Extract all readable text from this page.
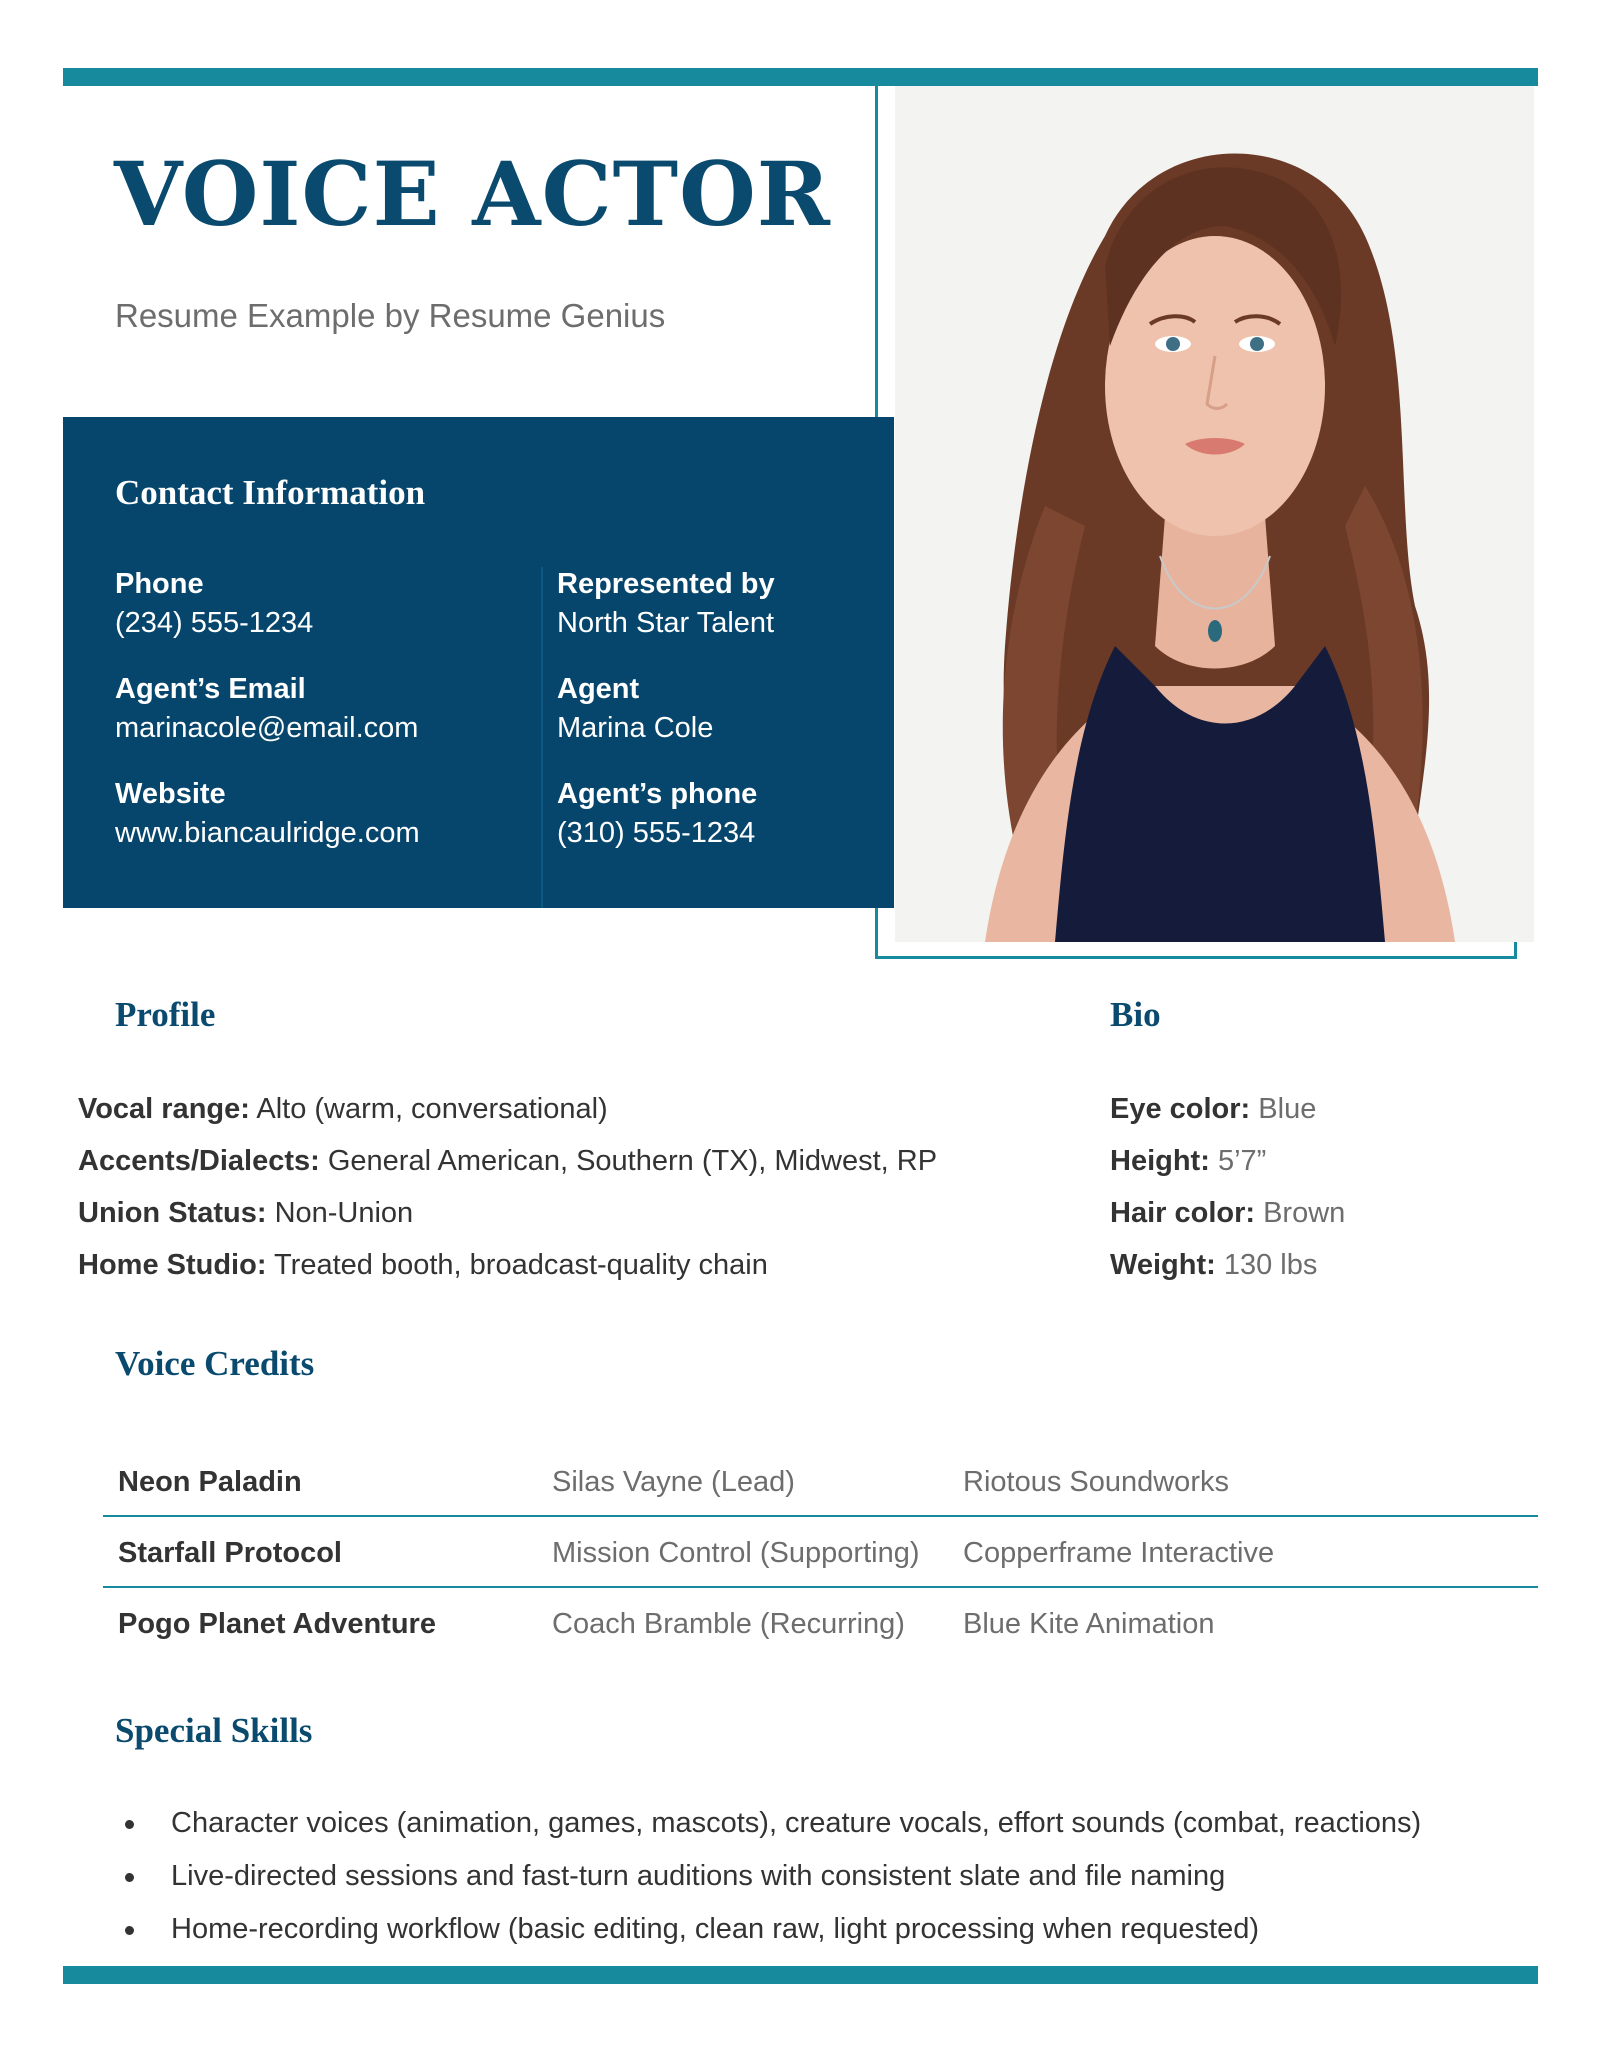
VOICE ACTOR
Resume Example by Resume Genius
Contact Information
Phone
(234) 555-1234
Agent’s Email
marinacole@email.com
Website
www.biancaulridge.com
Represented by
North Star Talent
Agent
Marina Cole
Agent’s phone
(310) 555-1234
Profile
Vocal range: Alto (warm, conversational)
Accents/Dialects: General American, Southern (TX), Midwest, RP
Union Status: Non-Union
Home Studio: Treated booth, broadcast-quality chain
Bio
Eye color: Blue
Height: 5’7”
Hair color: Brown
Weight: 130 lbs
Voice Credits
Neon Paladin	Silas Vayne (Lead)	Riotous Soundworks
Starfall Protocol	Mission Control (Supporting)	Copperframe Interactive
Pogo Planet Adventure	Coach Bramble (Recurring)	Blue Kite Animation
Special Skills
Character voices (animation, games, mascots), creature vocals, effort sounds (combat, reactions)
Live-directed sessions and fast-turn auditions with consistent slate and file naming
Home-recording workflow (basic editing, clean raw, light processing when requested)
